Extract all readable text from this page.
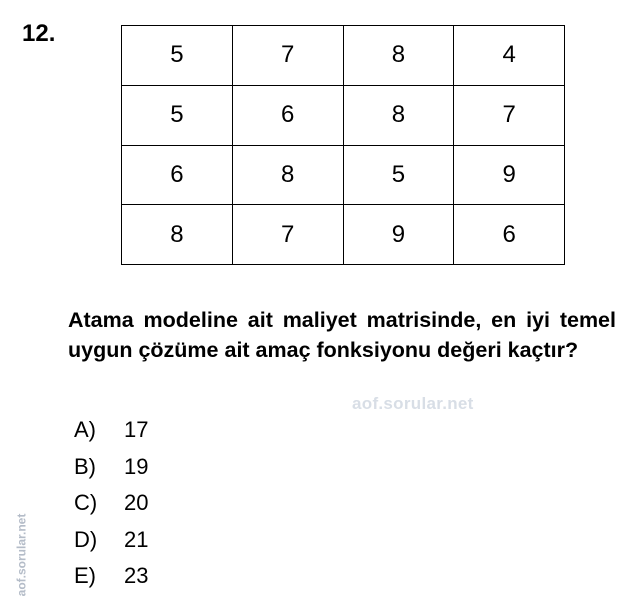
12.
5	7	8	4
5	6	8	7
6	8	5	9
8	7	9	6
Atama modeline ait maliyet matrisinde, en iyi temel uygun çözüme ait amaç fonksiyonu değeri kaçtır?
aof.sorular.net
aof.sorular.net
A)	17
B)	19
C)	20
D)	21
E)	23
